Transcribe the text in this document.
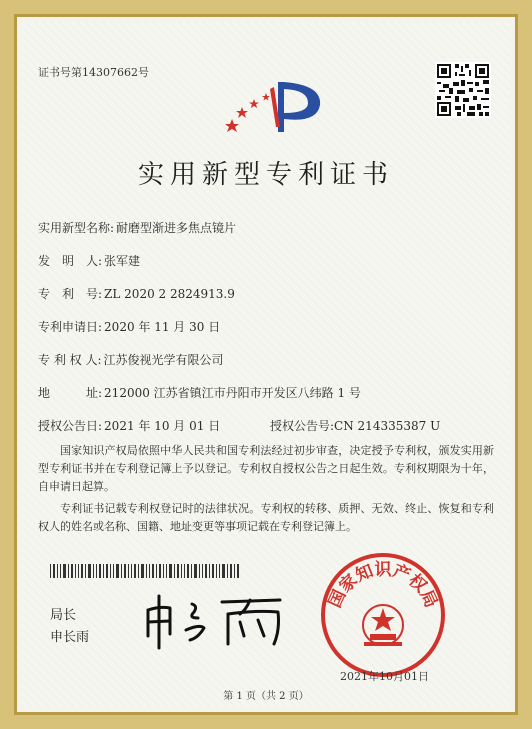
证书号第14307662号
实用新型专利证书
实用新型名称: 耐磨型渐进多焦点镜片
发　明　人: 张军建
专　利　号: ZL 2020 2 2824913.9
专利申请日: 2020 年 11 月 30 日
专 利 权 人: 江苏俊视光学有限公司
地　　　址: 212000 江苏省镇江市丹阳市开发区八纬路 1 号
授权公告日: 2021 年 10 月 01 日	授权公告号:CN 214335387 U
国家知识产权局依照中华人民共和国专利法经过初步审查，决定授予专利权，颁发实用新型专利证书并在专利登记簿上予以登记。专利权自授权公告之日起生效。专利权期限为十年，自申请日起算。
专利证书记载专利权登记时的法律状况。专利权的转移、质押、无效、终止、恢复和专利权人的姓名或名称、国籍、地址变更等事项记载在专利登记簿上。
局长
申长雨
国家知识产权局
2021年10月01日
第 1 页（共 2 页）
